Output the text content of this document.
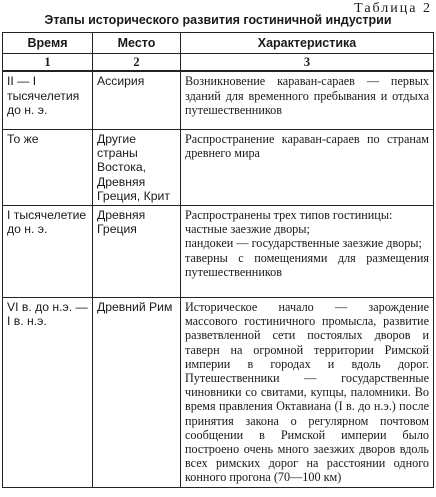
Таблица 2
Этапы исторического развития гостиничной индустрии
Время	Место	Характеристика
1	2	3
II — I тысячелетия до н. э.	Ассирия	Возникновение караван-сараев — первых зданий для временного пребывания и отдыха путешественников

То же	Другие страны Востока, Древняя Греция, Крит	Распространение караван-сараев по странам древнего мира

I тысячелетие до н. э.	Древняя Греция	Распространены трех типов гостиницы:
частные заезжие дворы;
пандокеи — государственные заезжие дворы;
таверны с помещениями для размещения путешественников

VI в. до н.э. — I в. н.э.	Древний Рим	Историческое начало — зарождение массового гостиничного промысла, развитие разветвленной сети постоялых дворов и таверн на огромной территории Римской империи в городах и вдоль дорог. Путешественники — государственные чиновники со свитами, купцы, паломники. Во время правления Октавиана (I в. до н.э.) после принятия закона о регулярном почтовом сообщении в Римской империи было построено очень много заезжих дворов вдоль всех римских дорог на расстоянии одного конного прогона (70—100 км)
